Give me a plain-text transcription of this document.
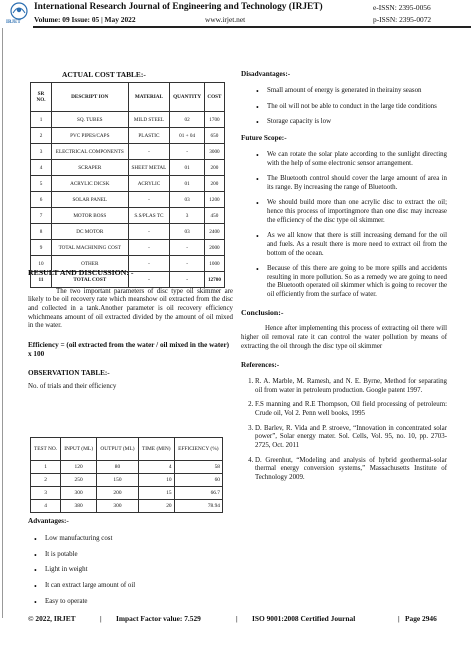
International Research Journal of Engineering and Technology (IRJET)	e-ISSN: 2395-0056
Volume: 09 Issue: 05 | May 2022	www.irjet.net	p-ISSN: 2395-0072
IRJET
ACTUAL COST TABLE:-
SR NO.	DESCRIPT ION	MATERIAL	QUANTITY	COST
1	SQ. TUBES	MILD STEEL	02	1700
2	PVC PIPES/CAPS	PLASTIC	01 + 04	650
3	ELECTRICAL COMPONENTS	-	-	3000
4	SCRAPER	SHEET METAL	01	200
5	ACRYLIC DICSK	ACRYLIC	01	200
6	SOLAR PANEL	-	03	1200
7	MOTOR BOSS	S.S/PLAS TC	3	450
8	DC MOTOR	-	03	2400
9	TOTAL MACHINING COST	-	-	2000
10	OTHER	-	-	1000
11	TOTAL COST	-	-	12700
RESULT AND DISCUSSION: -
The two important parameters of disc type oil skimmer are likely to be oil recovery rate which meanshow oil extracted from the disc and collected in a tank.Another parameter is oil recovery efficiency whichmeans amount of oil extracted divided by the amount of oil mixed in the water.
Efficiency = (oil extracted from the water / oil mixed in the water) x 100
OBSERVATION TABLE:-
No. of trials and their efficiency
TEST NO.	INPUT (ML)	OUTPUT (ML)	TIME (MIN)	EFFICIENCY (%)
1	120	80	4	58
2	250	150	10	60
3	300	200	15	66.7
4	380	300	20	78.94
Advantages:-
• Low manufacturing cost
• It is potable
• Light in weight
• It can extract large amount of oil
• Easy to operate
Disadvantages:-
• Small amount of energy is generated in theirainy season
• The oil will not be able to conduct in the large tide conditions
• Storage capacity is low
Future Scope:-
• We can rotate the solar plate according to the sunlight directing with the help of some electronic sensor arrangement.
• The Bluetooth control should cover the large amount of area in its range. By increasing the range of Bluetooth.
• We should build more than one acrylic disc to extract the oil; hence this process of importingmore than one disc may increase the efficiency of the disc type oil skimmer.
• As we all know that there is still increasing demand for the oil and fuels. As a result there is more need to extract oil from the bottom of the ocean.
• Because of this there are going to be more spills and accidents resulting in more pollution. So as a remedy we are going to need the Bluetooth operated oil skimmer which is going to recover the oil efficiently from the surface of water.
Conclusion:-
Hence after implementing this process of extracting oil there will higher oil removal rate it can control the water pollution by means of extracting the oil through the disc type oil skimmer
References:-
1. R. A. Marble, M. Ramesh, and N. E. Byrne, Method for separating oil from water in petroleum production. Google patent 1997.
2. F.S manning and R.E Thompson, Oil field processing of petroleum: Crude oil, Vol 2. Penn well books, 1995
3. D. Barlev, R. Vida and P. stroeve, “Innovation in concentrated solar power”, Solar energy mater. Sol. Cells, Vol. 95, no. 10, pp. 2703-2725, Oct. 2011
4. D. Greenhut, “Modeling and analysis of hybrid geothermal-solar thermal energy conversion systems,” Massachusetts Institute of Technology 2009.
© 2022, IRJET	| Impact Factor value: 7.529	| ISO 9001:2008 Certified Journal	| Page 2946
